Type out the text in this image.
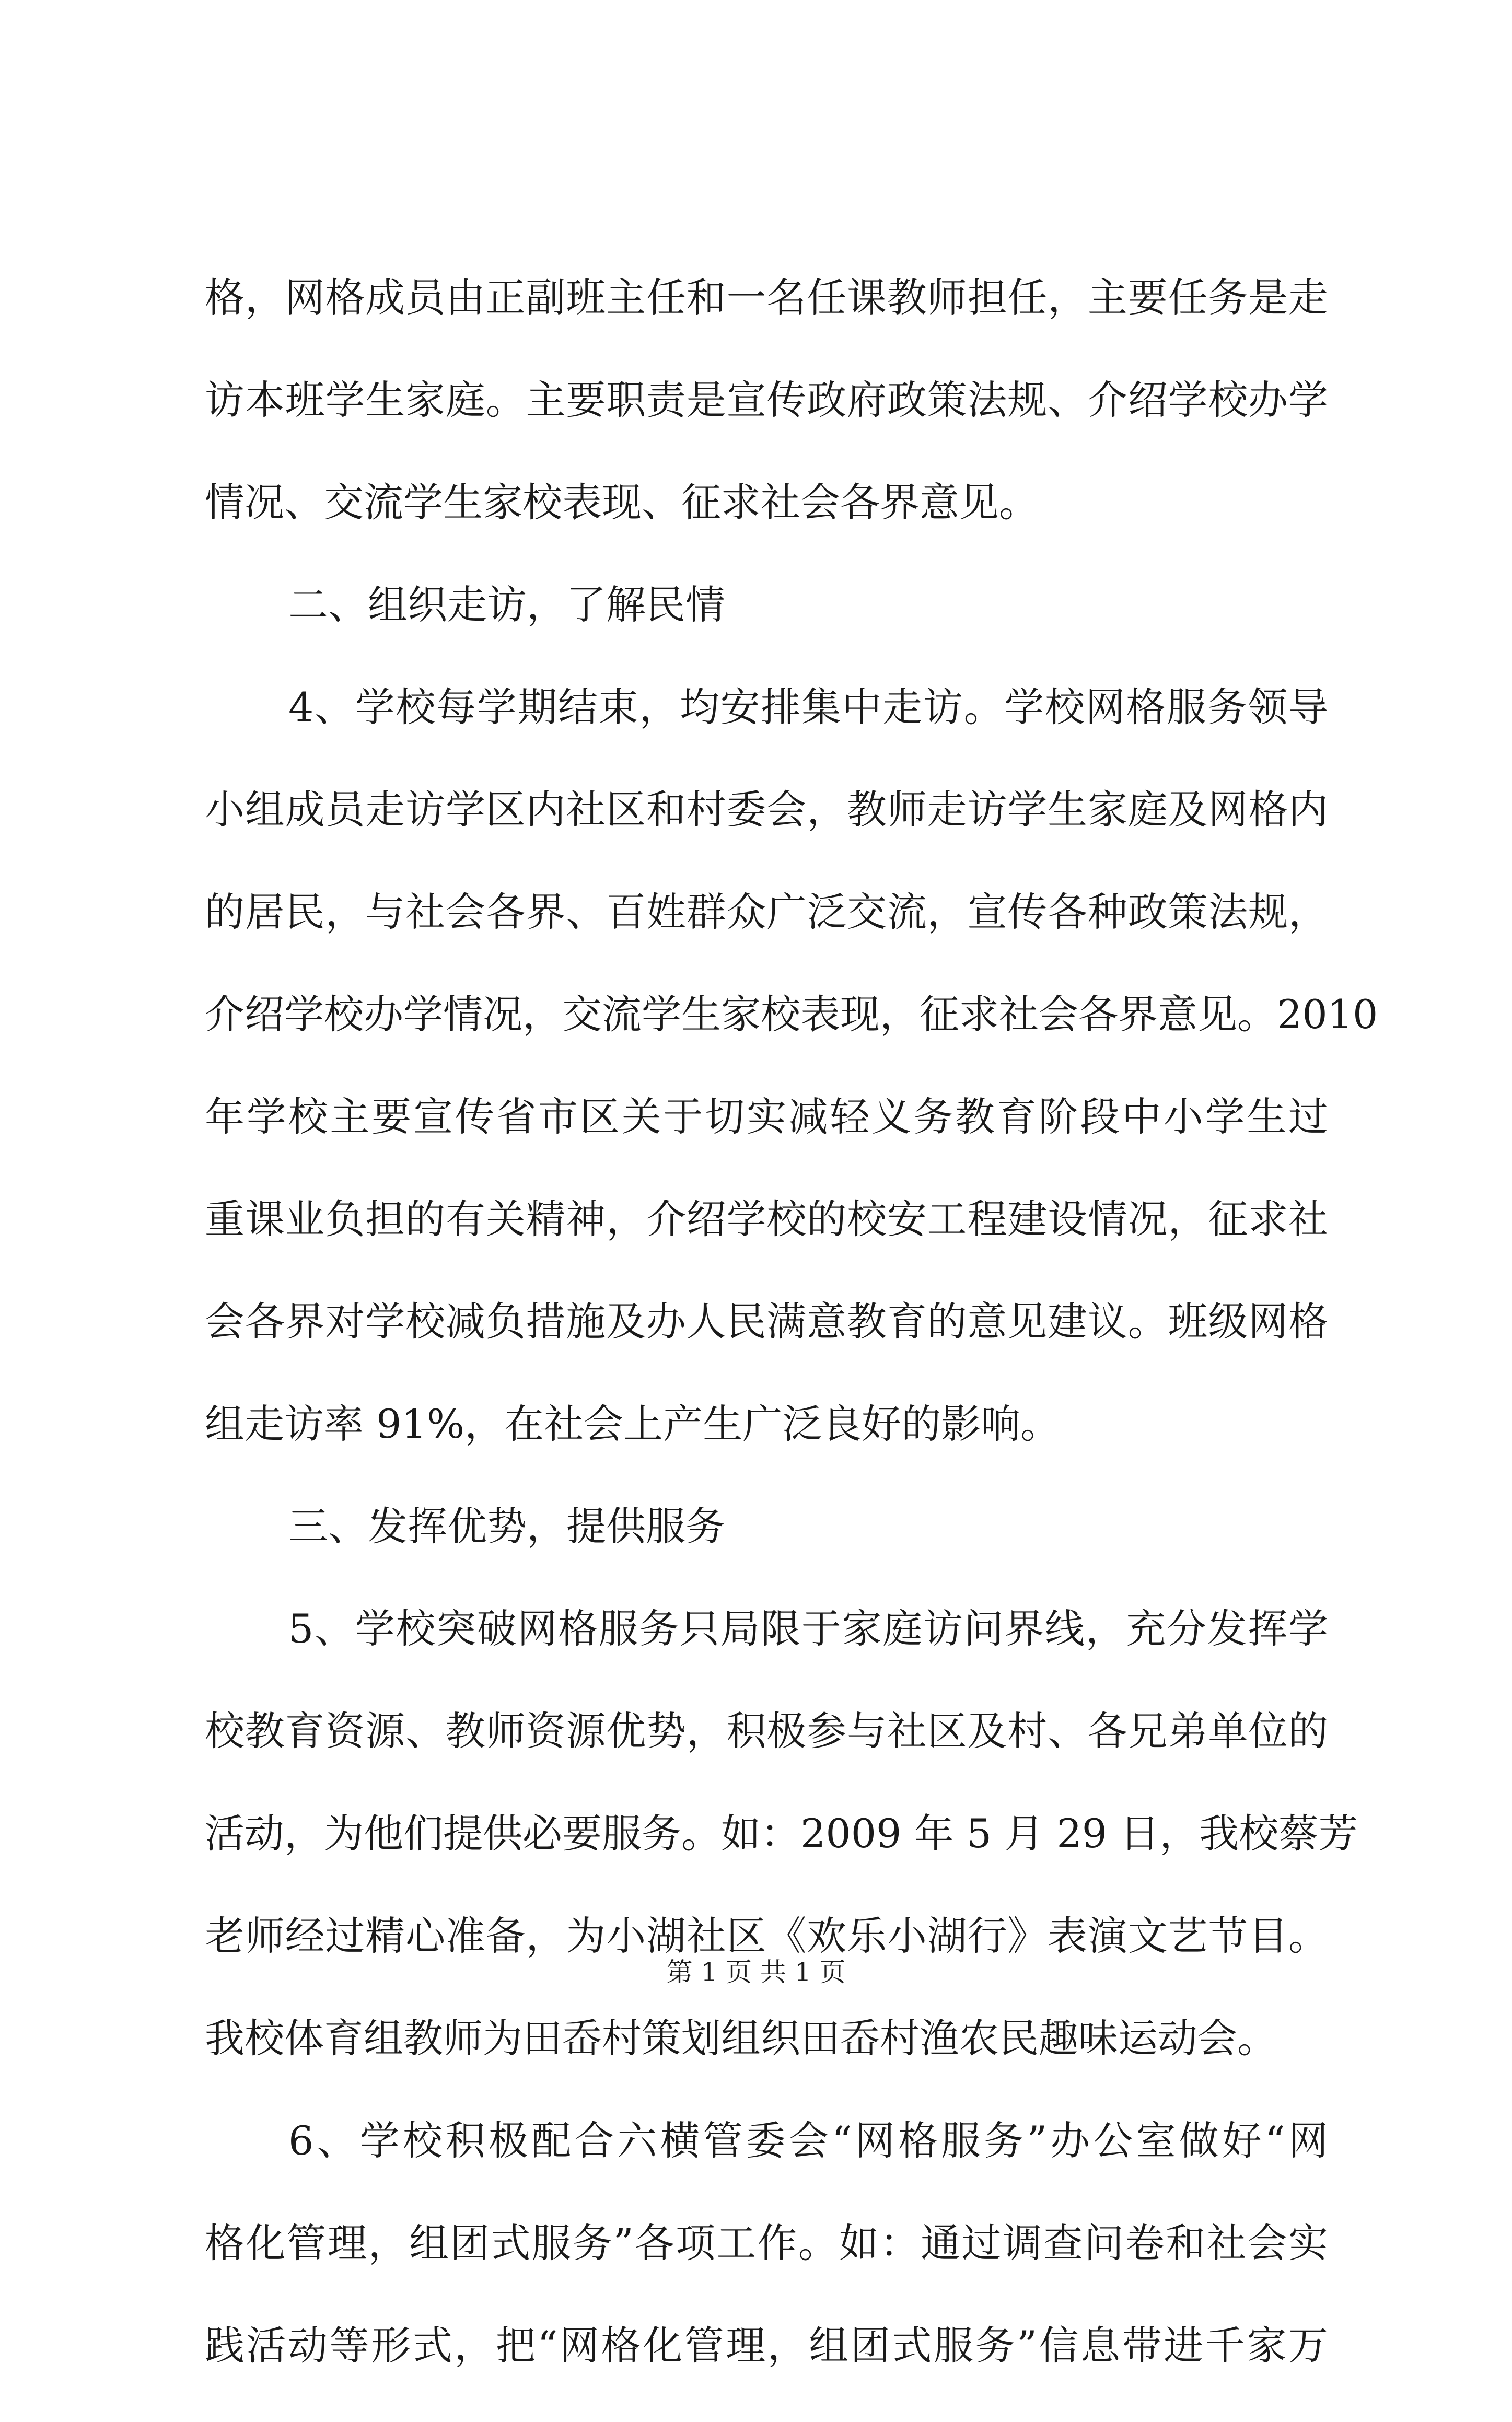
格，网格成员由正副班主任和一名任课教师担任，主要任务是走
访本班学生家庭。主要职责是宣传政府政策法规、介绍学校办学
情况、交流学生家校表现、征求社会各界意见。
二、组织走访，了解民情
4、学校每学期结束，均安排集中走访。学校网格服务领导
小组成员走访学区内社区和村委会，教师走访学生家庭及网格内
的居民，与社会各界、百姓群众广泛交流，宣传各种政策法规，
介绍学校办学情况，交流学生家校表现，征求社会各界意见。2010
年学校主要宣传省市区关于切实减轻义务教育阶段中小学生过
重课业负担的有关精神，介绍学校的校安工程建设情况，征求社
会各界对学校减负措施及办人民满意教育的意见建议。班级网格
组走访率 91%，在社会上产生广泛良好的影响。
三、发挥优势，提供服务
5、学校突破网格服务只局限于家庭访问界线，充分发挥学
校教育资源、教师资源优势，积极参与社区及村、各兄弟单位的
活动，为他们提供必要服务。如：2009 年 5 月 29 日，我校蔡芳
老师经过精心准备，为小湖社区《欢乐小湖行》表演文艺节目。
我校体育组教师为田岙村策划组织田岙村渔农民趣味运动会。
6、学校积极配合六横管委会“网格服务”办公室做好“网
格化管理，组团式服务”各项工作。如：通过调查问卷和社会实
践活动等形式，把“网格化管理，组团式服务”信息带进千家万
第 1 页 共 1 页
